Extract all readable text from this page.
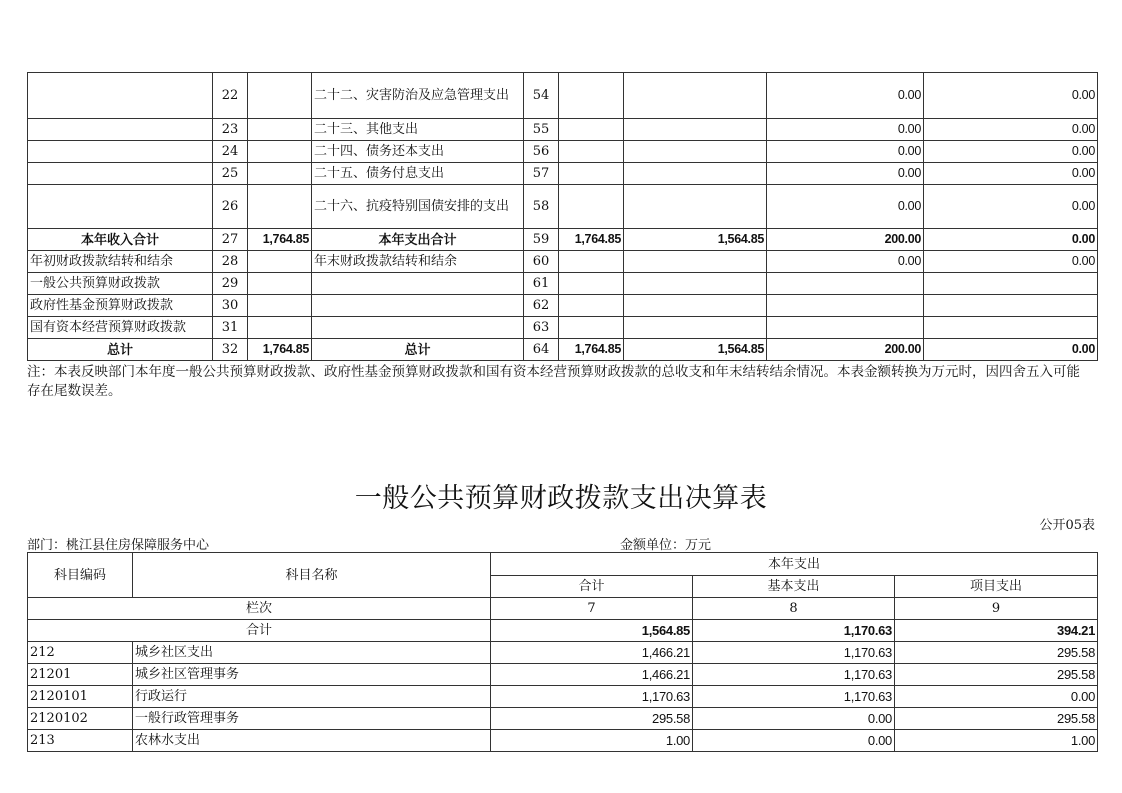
	22		二十二、灾害防治及应急管理支出	54			0.00	0.00
	23		二十三、其他支出	55			0.00	0.00
	24		二十四、债务还本支出	56			0.00	0.00
	25		二十五、债务付息支出	57			0.00	0.00
	26		二十六、抗疫特别国债安排的支出	58			0.00	0.00
本年收入合计	27	1,764.85	本年支出合计	59	1,764.85	1,564.85	200.00	0.00
年初财政拨款结转和结余	28		年末财政拨款结转和结余	60			0.00	0.00
一般公共预算财政拨款	29			61				
政府性基金预算财政拨款	30			62				
国有资本经营预算财政拨款	31			63				
总计	32	1,764.85	总计	64	1,764.85	1,564.85	200.00	0.00
注：本表反映部门本年度一般公共预算财政拨款、政府性基金预算财政拨款和国有资本经营预算财政拨款的总收支和年末结转结余情况。本表金额转换为万元时，因四舍五入可能存在尾数误差。
一般公共预算财政拨款支出决算表
公开05表
部门：桃江县住房保障服务中心	金额单位：万元
科目编码	科目名称	本年支出		
		合计	基本支出	项目支出
栏次		7	8	9
合计		1,564.85	1,170.63	394.21
212	城乡社区支出	1,466.21	1,170.63	295.58
21201	城乡社区管理事务	1,466.21	1,170.63	295.58
2120101	行政运行	1,170.63	1,170.63	0.00
2120102	一般行政管理事务	295.58	0.00	295.58
213	农林水支出	1.00	0.00	1.00
